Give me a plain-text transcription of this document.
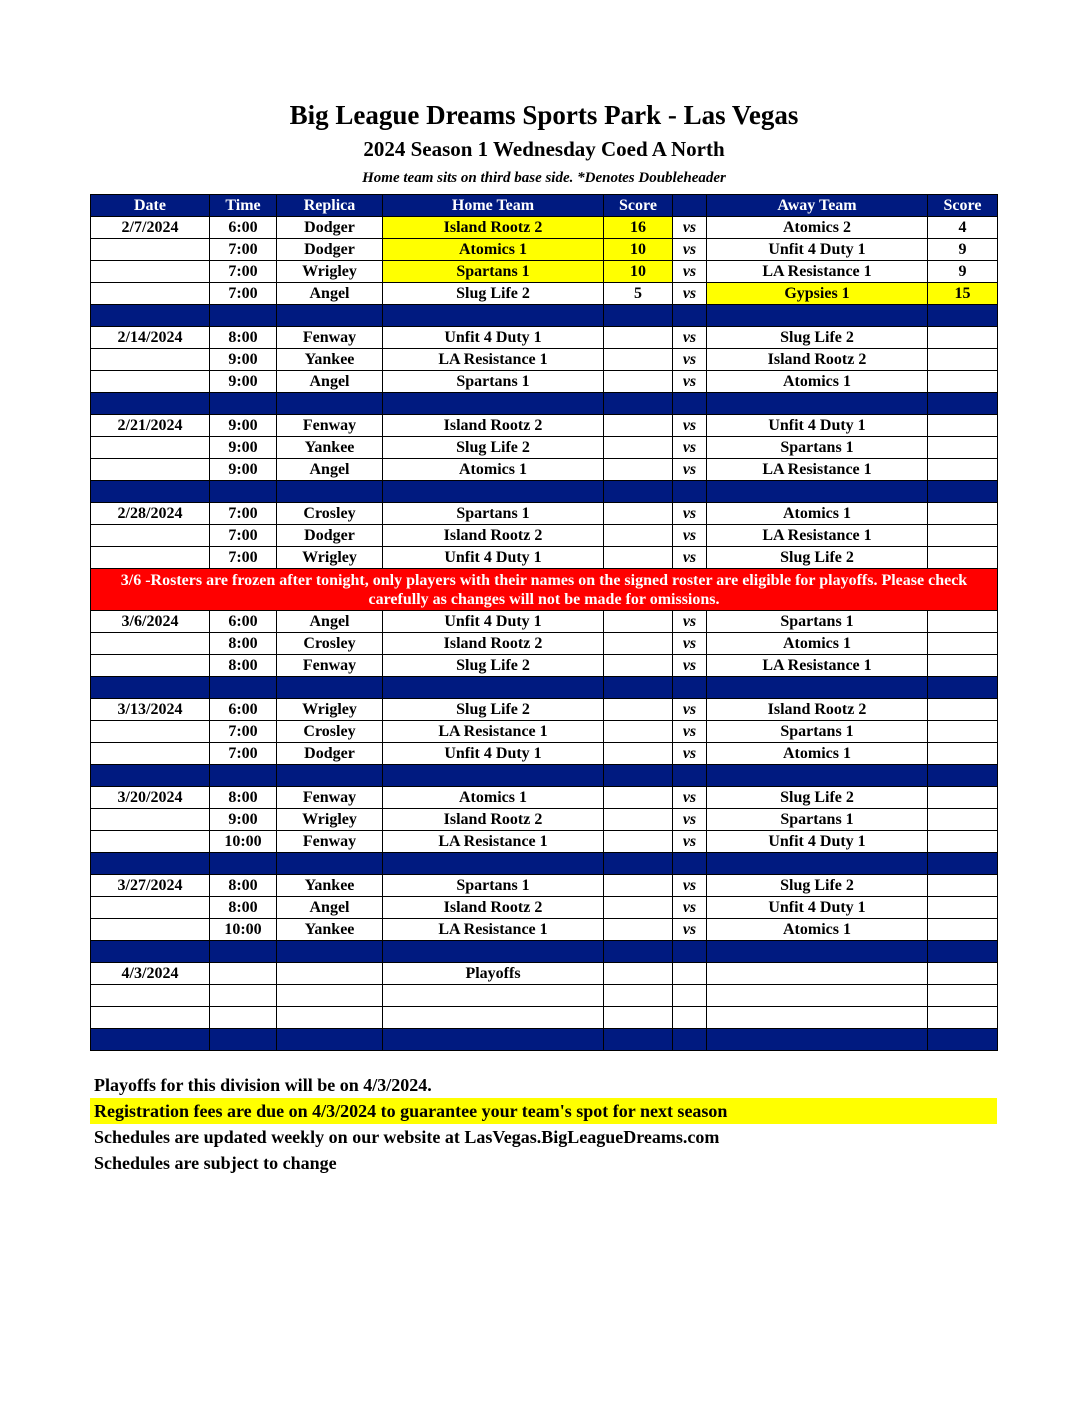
Big League Dreams Sports Park - Las Vegas
2024 Season 1 Wednesday Coed A North
Home team sits on third base side. *Denotes Doubleheader
Date	Time	Replica	Home Team	Score		Away Team	Score
2/7/2024	6:00	Dodger	Island Rootz 2	16	vs	Atomics 2	4
	7:00	Dodger	Atomics 1	10	vs	Unfit 4 Duty 1	9
	7:00	Wrigley	Spartans 1	10	vs	LA Resistance 1	9
	7:00	Angel	Slug Life 2	5	vs	Gypsies 1	15

2/14/2024	8:00	Fenway	Unfit 4 Duty 1		vs	Slug Life 2	
	9:00	Yankee	LA Resistance 1		vs	Island Rootz 2	
	9:00	Angel	Spartans 1		vs	Atomics 1	

2/21/2024	9:00	Fenway	Island Rootz 2		vs	Unfit 4 Duty 1	
	9:00	Yankee	Slug Life 2		vs	Spartans 1	
	9:00	Angel	Atomics 1		vs	LA Resistance 1	

2/28/2024	7:00	Crosley	Spartans 1		vs	Atomics 1	
	7:00	Dodger	Island Rootz 2		vs	LA Resistance 1	
	7:00	Wrigley	Unfit 4 Duty 1		vs	Slug Life 2	
3/6 -Rosters are frozen after tonight, only players with their names on the signed roster are eligible for playoffs. Please check carefully as changes will not be made for omissions.							
3/6/2024	6:00	Angel	Unfit 4 Duty 1		vs	Spartans 1	
	8:00	Crosley	Island Rootz 2		vs	Atomics 1	
	8:00	Fenway	Slug Life 2		vs	LA Resistance 1	

3/13/2024	6:00	Wrigley	Slug Life 2		vs	Island Rootz 2	
	7:00	Crosley	LA Resistance 1		vs	Spartans 1	
	7:00	Dodger	Unfit 4 Duty 1		vs	Atomics 1	

3/20/2024	8:00	Fenway	Atomics 1		vs	Slug Life 2	
	9:00	Wrigley	Island Rootz 2		vs	Spartans 1	
	10:00	Fenway	LA Resistance 1		vs	Unfit 4 Duty 1	

3/27/2024	8:00	Yankee	Spartans 1		vs	Slug Life 2	
	8:00	Angel	Island Rootz 2		vs	Unfit 4 Duty 1	
	10:00	Yankee	LA Resistance 1		vs	Atomics 1	

4/3/2024			Playoffs				

Playoffs for this division will be on 4/3/2024.
Registration fees are due on 4/3/2024 to guarantee your team's spot for next season
Schedules are updated weekly on our website at LasVegas.BigLeagueDreams.com
Schedules are subject to change
